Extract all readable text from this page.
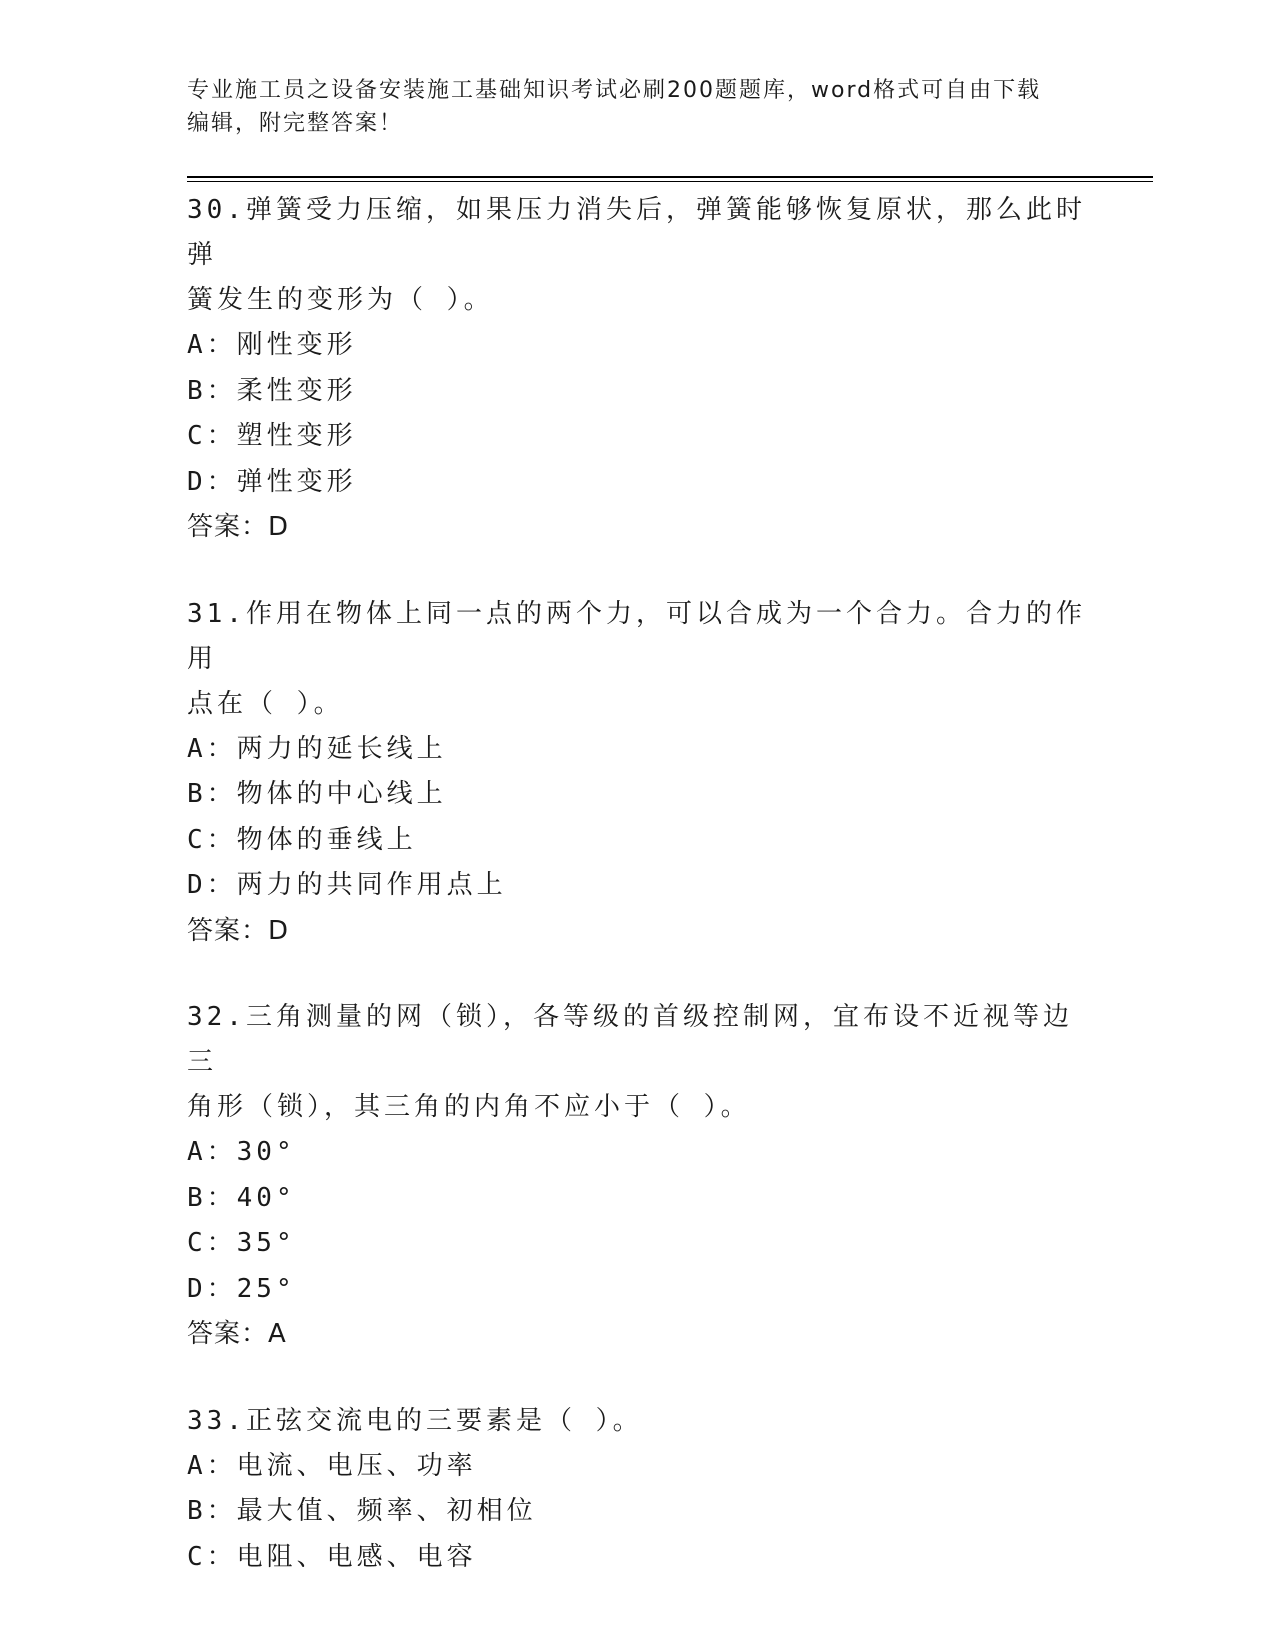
专业施工员之设备安装施工基础知识考试必刷200题题库，word格式可自由下载
编辑，附完整答案！
30.弹簧受力压缩，如果压力消失后，弹簧能够恢复原状，那么此时弹
簧发生的变形为（ ）。
A：刚性变形
B：柔性变形
C：塑性变形
D：弹性变形
答案：D
31.作用在物体上同一点的两个力，可以合成为一个合力。合力的作用
点在（ ）。
A：两力的延长线上
B：物体的中心线上
C：物体的垂线上
D：两力的共同作用点上
答案：D
32.三角测量的网（锁），各等级的首级控制网，宜布设不近视等边三
角形（锁），其三角的内角不应小于（ ）。
A：30°
B：40°
C：35°
D：25°
答案：A
33.正弦交流电的三要素是（ ）。
A：电流、电压、功率
B：最大值、频率、初相位
C：电阻、电感、电容
